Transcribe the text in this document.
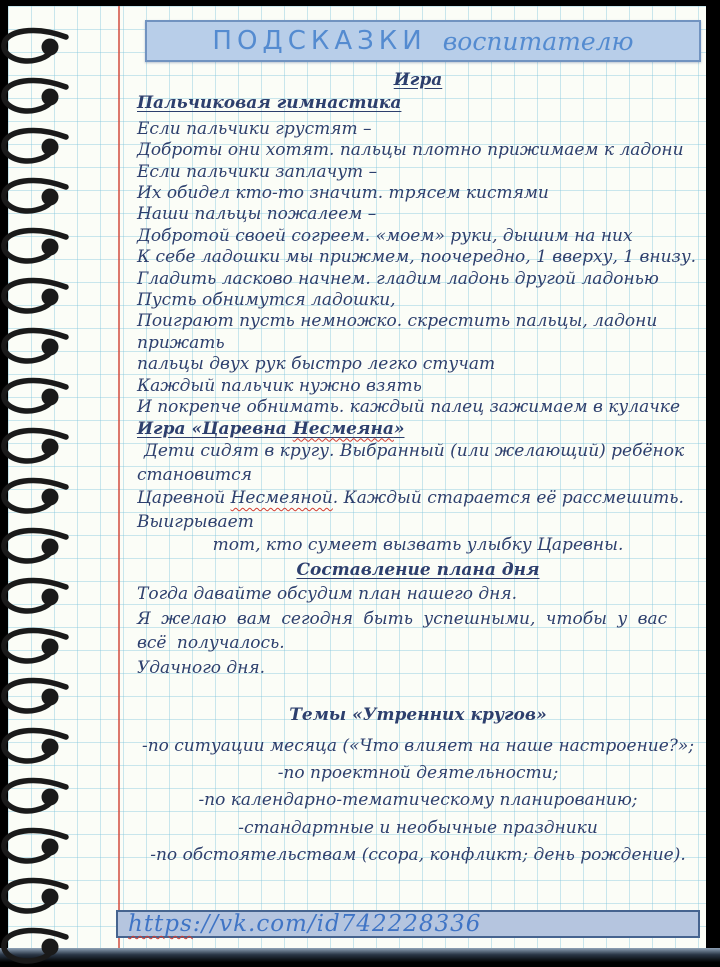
ПОДСКАЗКИ воспитателю
Игра
Пальчиковая гимнастика
Если пальчики грустят –
Доброты они хотят. пальцы плотно прижимаем к ладони
Если пальчики заплачут –
Их обидел кто-то значит. трясем кистями
Наши пальцы пожалеем –
Добротой своей согреем. «моем» руки, дышим на них
К себе ладошки мы прижмем, поочередно, 1 вверху, 1 внизу.
Гладить ласково начнем. гладим ладонь другой ладонью
Пусть обнимутся ладошки,
Поиграют пусть немножко. скрестить пальцы, ладони прижать
пальцы двух рук быстро легко стучат
Каждый пальчик нужно взять
И покрепче обнимать. каждый палец зажимаем в кулачке
Игра «Царевна Несмеяна»
Дети сидят в кругу. Выбранный (или желающий) ребёнок становится
Царевной Несмеяной. Каждый старается её рассмешить. Выигрывает
тот, кто сумеет вызвать улыбку Царевны.
Составление плана дня
Тогда давайте обсудим план нашего дня.
Я желаю вам сегодня быть успешными, чтобы у вас всё получалось.
Удачного дня.
Темы «Утренних кругов»
-по ситуации месяца («Что влияет на наше настроение?»;
-по проектной деятельности;
-по календарно-тематическому планированию;
-стандартные и необычные праздники
-по обстоятельствам (ссора, конфликт; день рождение).
https://vk.com/id742228336
